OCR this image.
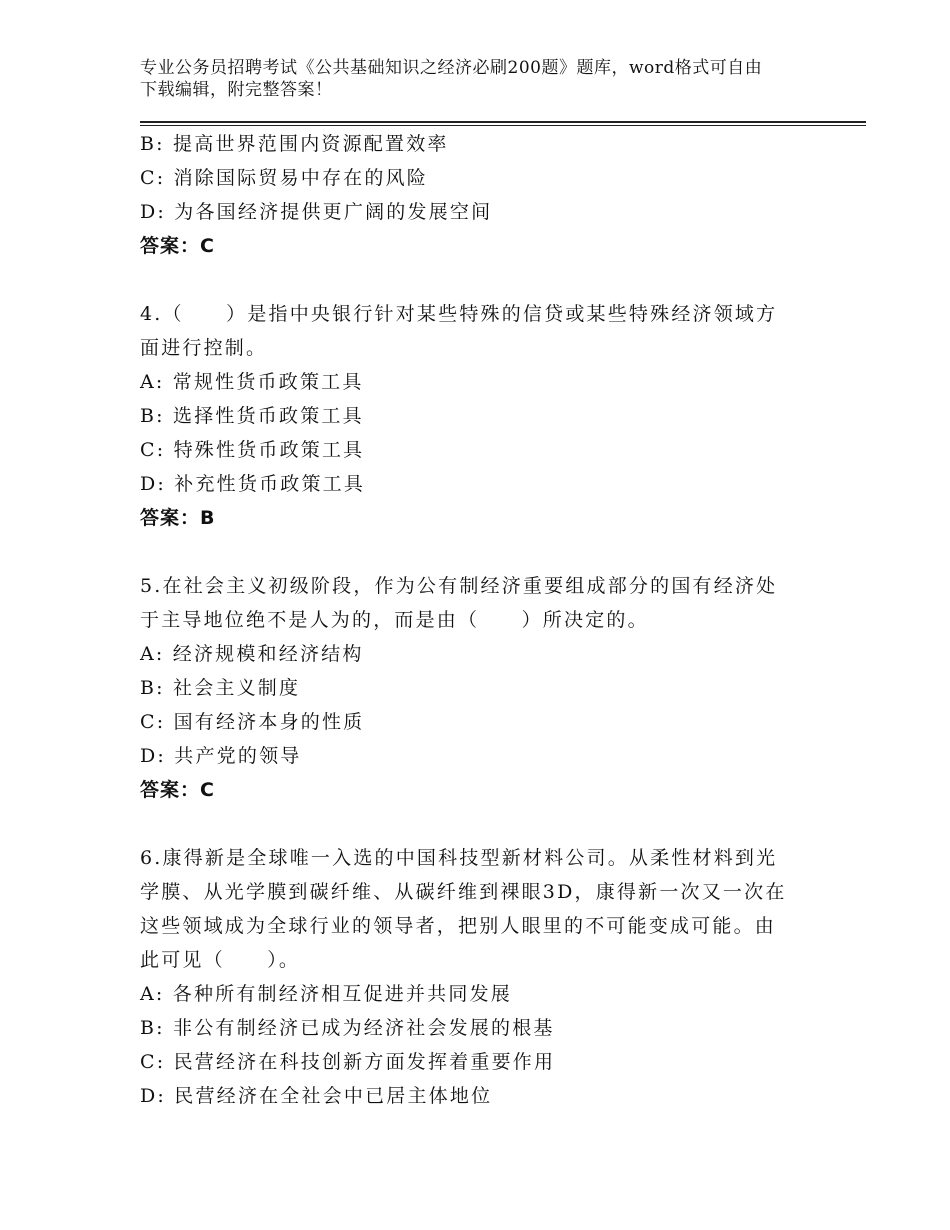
专业公务员招聘考试《公共基础知识之经济必刷200题》题库，word格式可自由
下载编辑，附完整答案！
B: 提高世界范围内资源配置效率
C: 消除国际贸易中存在的风险
D: 为各国经济提供更广阔的发展空间
答案：C
4.（　　）是指中央银行针对某些特殊的信贷或某些特殊经济领域方
面进行控制。
A: 常规性货币政策工具
B: 选择性货币政策工具
C: 特殊性货币政策工具
D: 补充性货币政策工具
答案：B
5.在社会主义初级阶段，作为公有制经济重要组成部分的国有经济处
于主导地位绝不是人为的，而是由（　　）所决定的。
A: 经济规模和经济结构
B: 社会主义制度
C: 国有经济本身的性质
D: 共产党的领导
答案：C
6.康得新是全球唯一入选的中国科技型新材料公司。从柔性材料到光
学膜、从光学膜到碳纤维、从碳纤维到裸眼3D，康得新一次又一次在
这些领域成为全球行业的领导者，把别人眼里的不可能变成可能。由
此可见（　　）。
A: 各种所有制经济相互促进并共同发展
B: 非公有制经济已成为经济社会发展的根基
C: 民营经济在科技创新方面发挥着重要作用
D: 民营经济在全社会中已居主体地位
